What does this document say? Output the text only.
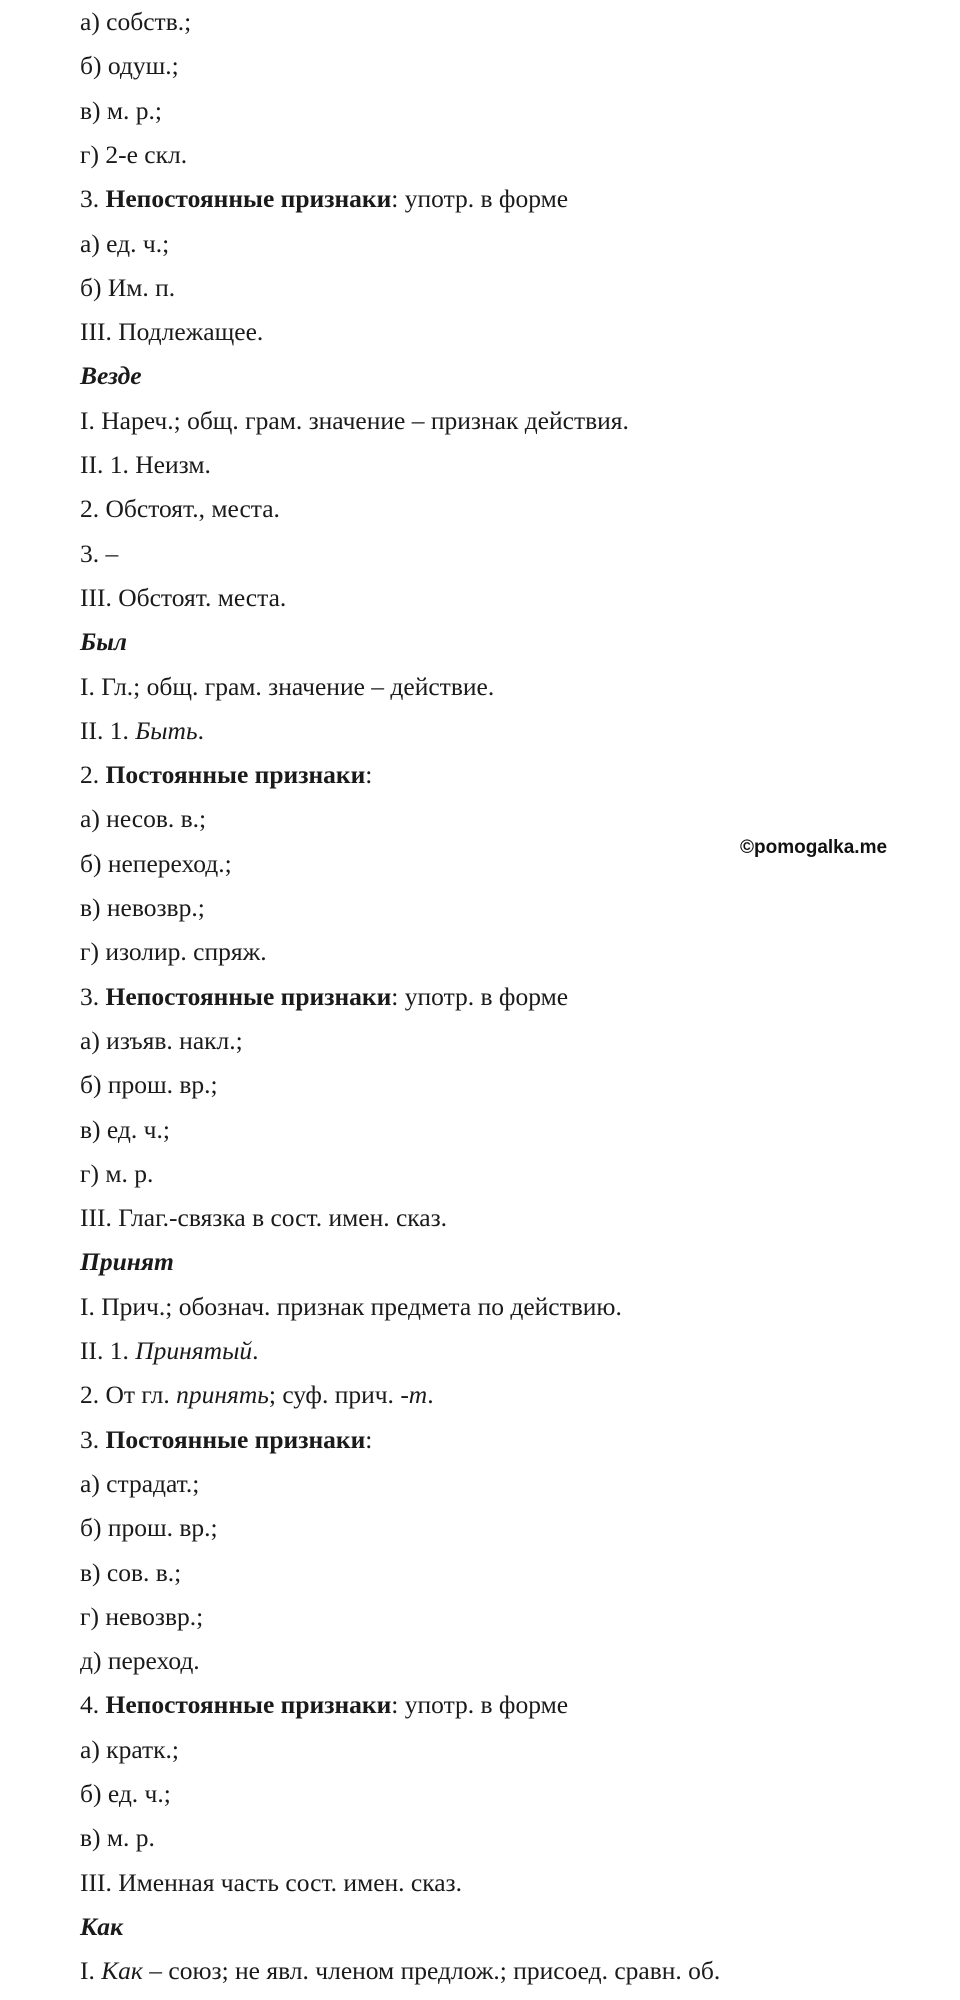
а) собств.;
б) одуш.;
в) м. р.;
г) 2-е скл.
3. Непостоянные признаки: употр. в форме
а) ед. ч.;
б) Им. п.
III. Подлежащее.
Везде
I. Нареч.; общ. грам. значение – признак действия.
II. 1. Неизм.
2. Обстоят., места.
3. –
III. Обстоят. места.
Был
I. Гл.; общ. грам. значение – действие.
II. 1. Быть.
2. Постоянные признаки:
а) несов. в.;
б) непереход.;
в) невозвр.;
г) изолир. спряж.
3. Непостоянные признаки: употр. в форме
а) изъяв. накл.;
б) прош. вр.;
в) ед. ч.;
г) м. р.
III. Глаг.-связка в сост. имен. сказ.
Принят
I. Прич.; обознач. признак предмета по действию.
II. 1. Принятый.
2. От гл. принять; суф. прич. -т.
3. Постоянные признаки:
а) страдат.;
б) прош. вр.;
в) сов. в.;
г) невозвр.;
д) переход.
4. Непостоянные признаки: употр. в форме
а) кратк.;
б) ед. ч.;
в) м. р.
III. Именная часть сост. имен. сказ.
Как
I. Как – союз; не явл. членом предлож.; присоед. сравн. об.
©pomogalka.me
